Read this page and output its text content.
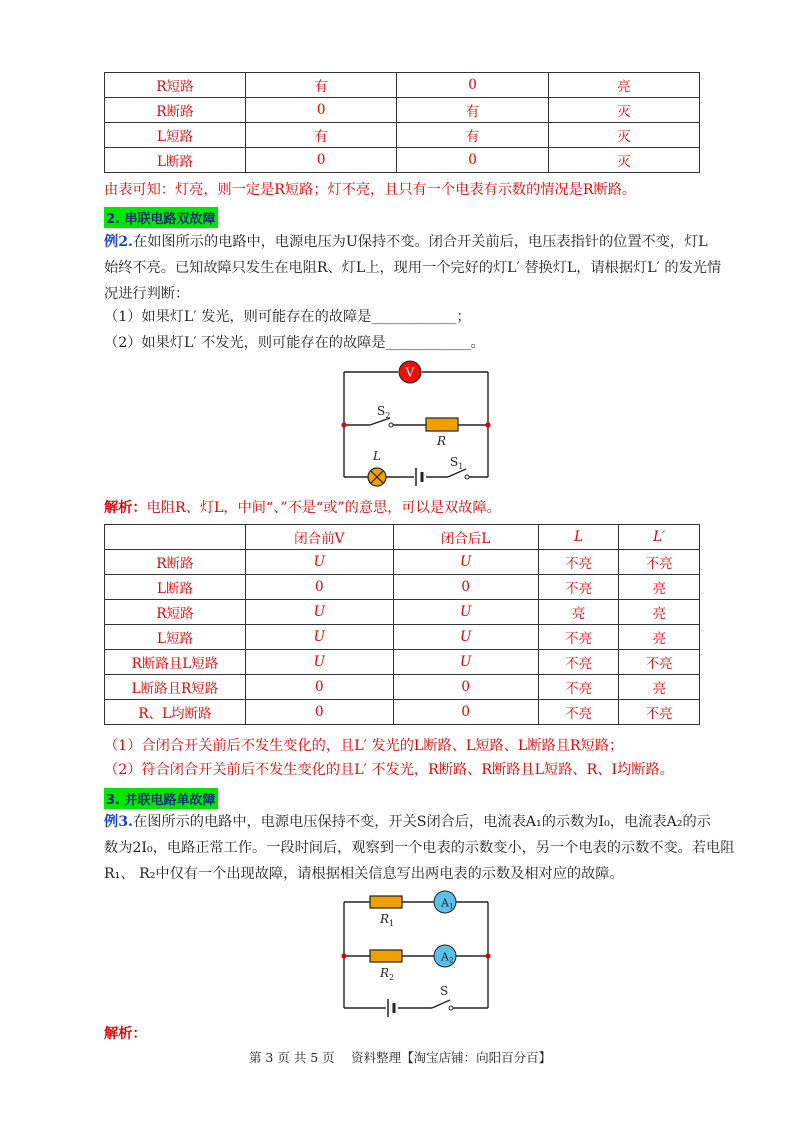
R短路	有	0	亮
R断路	0	有	灭
L短路	有	有	灭
L断路	0	0	灭
由表可知：灯亮，则一定是R短路；灯不亮，且只有一个电表有示数的情况是R断路。
2. 串联电路双故障
例2.在如图所示的电路中，电源电压为U保持不变。闭合开关前后，电压表指针的位置不变，灯L
始终不亮。已知故障只发生在电阻R、灯L上，现用一个完好的灯L′ 替换灯L，请根据灯L′ 的发光情
况进行判断：
（1）如果灯L′ 发光，则可能存在的故障是____________；
（2）如果灯L′ 不发光，则可能存在的故障是____________。
V
$S_2$
R
L	$S_1$
解析：电阻R、灯L，中间“、”不是“或”的意思，可以是双故障。
	闭合前V	闭合后L	L	L′
R断路	U	U	不亮	不亮
L断路	0	0	不亮	亮
R短路	U	U	亮	亮
L短路	U	U	不亮	亮
R断路且L短路	U	U	不亮	不亮
L断路且R短路	0	0	不亮	亮
R、L均断路	0	0	不亮	不亮
（1）合闭合开关前后不发生变化的，且L′ 发光的L断路、L短路、L断路且R短路；
（2）符合闭合开关前后不发生变化的且L′ 不发光，R断路、R断路且L短路、R、I均断路。
3. 并联电路单故障
例3.在图所示的电路中，电源电压保持不变，开关S闭合后，电流表A₁的示数为I₀，电流表A₂的示
数为2I₀，电路正常工作。一段时间后，观察到一个电表的示数变小，另一个电表的示数不变。若电阻
R₁、 R₂中仅有一个出现故障，请根据相关信息写出两电表的示数及相对应的故障。
$R_1$
A1
$R_2$
A2
S
解析：
第 3 页 共 5 页　 资料整理【淘宝店铺：向阳百分百】
